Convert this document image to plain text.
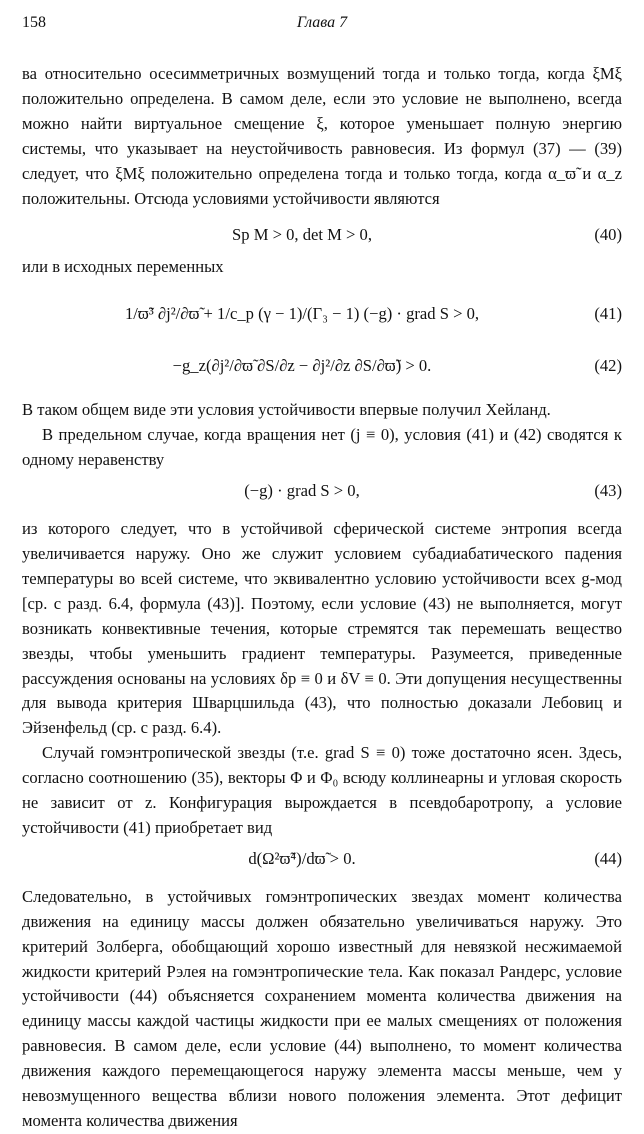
158	Глава 7

ва относительно осесимметричных возмущений тогда и только тогда, когда ξMξ положительно определена. В самом деле, если это условие не выполнено, всегда можно найти виртуальное смещение ξ, которое уменьшает полную энергию системы, что указывает на неустойчивость равновесия. Из формул (37) — (39) следует, что ξMξ положительно определена тогда и только тогда, когда α_ϖ̃ и α_z положительны. Отсюда условиями устойчивости являются

Sp M > 0, det M > 0,	(40)

или в исходных переменных

1/ϖ̃³ ∂j²/∂ϖ̃ + 1/c_p (γ − 1)/(Γ₃ − 1) (−g) · grad S > 0,	(41)
−g_z(∂j²/∂ϖ̃ ∂S/∂z − ∂j²/∂z ∂S/∂ϖ̃) > 0.	(42)

В таком общем виде эти условия устойчивости впервые получил Хейланд.

В предельном случае, когда вращения нет (j ≡ 0), условия (41) и (42) сводятся к одному неравенству

(−g) · grad S > 0,	(43)

из которого следует, что в устойчивой сферической системе энтропия всегда увеличивается наружу. Оно же служит условием субадиабатического падения температуры во всей системе, что эквивалентно условию устойчивости всех g-мод [ср. с разд. 6.4, формула (43)]. Поэтому, если условие (43) не выполняется, могут возникать конвективные течения, которые стремятся так перемешать вещество звезды, чтобы уменьшить градиент температуры. Разумеется, приведенные рассуждения основаны на условиях δp ≡ 0 и δV ≡ 0. Эти допущения несущественны для вывода критерия Шварцшильда (43), что полностью доказали Лебовиц и Эйзенфельд (ср. с разд. 6.4).

Случай гомэнтропической звезды (т.е. grad S ≡ 0) тоже достаточно ясен. Здесь, согласно соотношению (35), векторы Φ и Φ₀ всюду коллинеарны и угловая скорость не зависит от z. Конфигурация вырождается в псевдобаротропу, а условие устойчивости (41) приобретает вид

d(Ω²ϖ̃⁴)/dϖ̃ > 0.	(44)

Следовательно, в устойчивых гомэнтропических звездах момент количества движения на единицу массы должен обязательно увеличиваться наружу. Это критерий Золберга, обобщающий хорошо известный для невязкой несжимаемой жидкости критерий Рэлея на гомэнтропические тела. Как показал Рандерс, условие устойчивости (44) объясняется сохранением момента количества движения на единицу массы каждой частицы жидкости при ее малых смещениях от положения равновесия. В самом деле, если условие (44) выполнено, то момент количества движения каждого перемещающегося наружу элемента массы меньше, чем у невозмущенного вещества вблизи нового положения элемента. Этот дефицит момента количества движения
